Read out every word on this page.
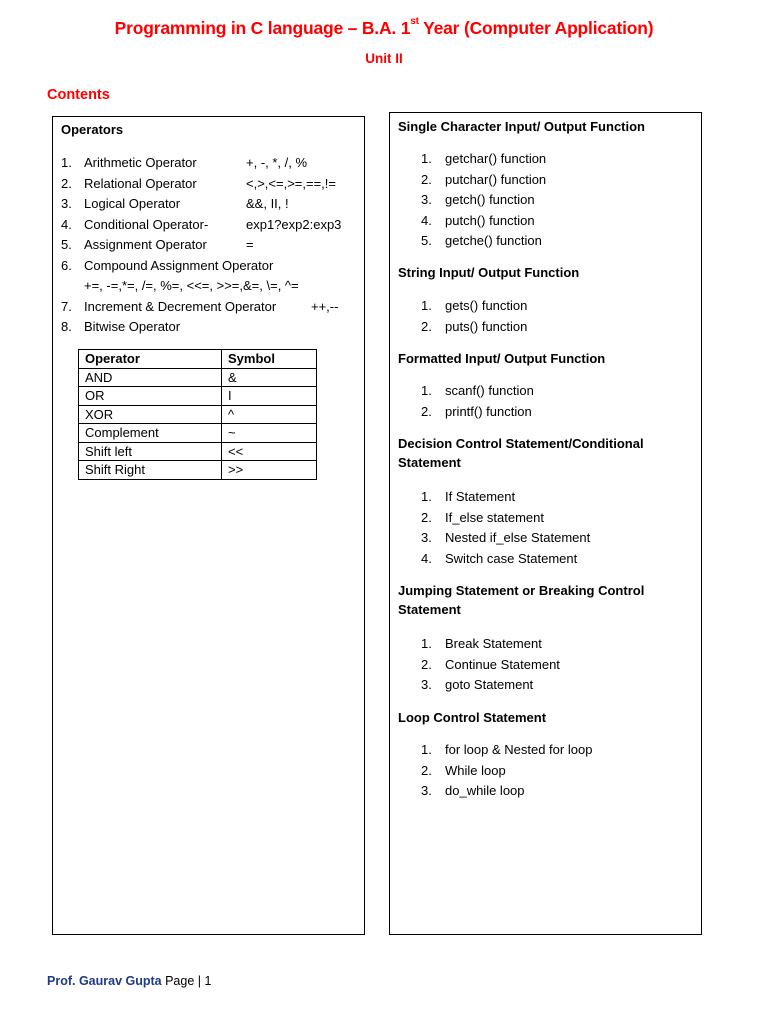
Programming in C language – B.A. 1st Year (Computer Application)
Unit II
Contents
Operators
1. Arithmetic Operator	+, -, *, /, %
2. Relational Operator	<,>,<=,>=,==,!=
3. Logical Operator	&&, II, !
4. Conditional Operator-	exp1?exp2:exp3
5. Assignment Operator	=
6. Compound Assignment Operator
+=, -=,*=, /=, %=, <<=, >>=,&=, \=, ^=
7. Increment & Decrement Operator	++,--
8. Bitwise Operator
Operator	Symbol
AND	&
OR	I
XOR	^
Complement	~
Shift left	<<
Shift Right	>>
Single Character Input/ Output Function
1. getchar() function
2. putchar() function
3. getch() function
4. putch() function
5. getche() function
String Input/ Output Function
1. gets() function
2. puts() function
Formatted Input/ Output Function
1. scanf() function
2. printf() function
Decision Control Statement/Conditional
Statement
1. If Statement
2. If_else statement
3. Nested if_else Statement
4. Switch case Statement
Jumping Statement or Breaking Control
Statement
1. Break Statement
2. Continue Statement
3. goto Statement
Loop Control Statement
1. for loop & Nested for loop
2. While loop
3. do_while loop
Prof. Gaurav Gupta Page | 1
